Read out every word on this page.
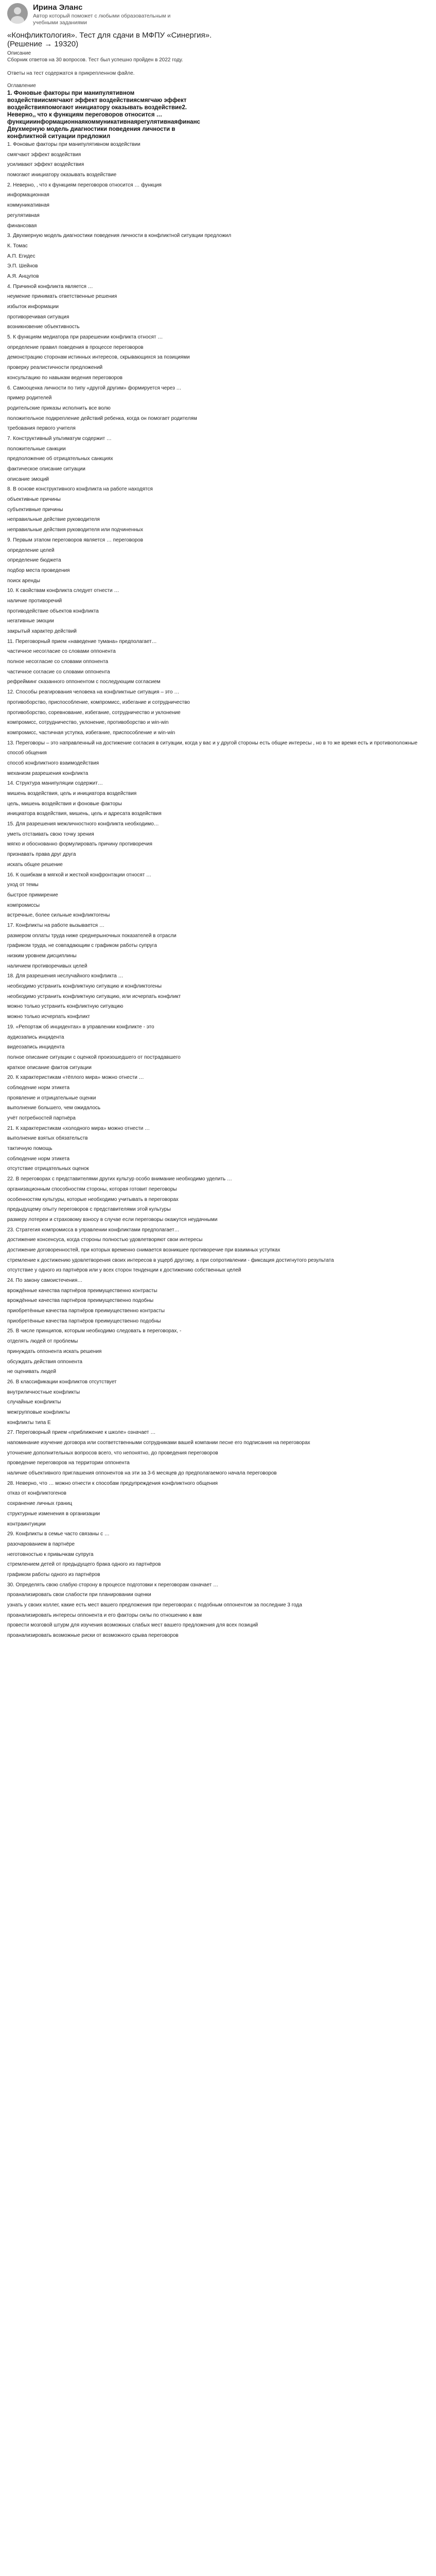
Ирина Эланс
Автор который поможет с любыми образовательным и
учебными заданиями
«Конфликтология». Тест для сдачи в МФПУ «Синергия».
(Решение → 19320)

Описание

Сборник ответов на 30 вопросов. Тест был успешно пройден в 2022 году.

Ответы на тест содержатся в прикрепленном файле.

Оглавление

1. Фоновые факторы при манипулятивном

воздействиисмягчают эффект воздействиясмягчаю эффект

воздействияпомогают инициатору оказывать воздействие2.

Неверно,, что к функциям переговоров относится …

функцииинформационнаякоммуникативнаярегулятивнаяфинанс

Двухмерную модель диагностики поведения личности в

конфликтной ситуации предложил

1. Фоновые факторы при манипулятивном воздействии

смягчают эффект воздействия

усиливают эффект воздействия

помогают инициатору оказывать воздействие

2. Неверно, , что к функциям переговоров относится … функция

информационная

коммуникативная

регулятивная

финансовая

3. Двухмерную модель диагностики поведения личности в конфликтной ситуации предложил

К. Томас

А.П. Егидес

Э.П. Шейнов

А.Я. Анцупов

4. Причиной конфликта является …

неумение принимать ответственные решения

избыток информации

противоречивая ситуация

возникновение объективность

5. К функциям медиатора при разрешении конфликта относят …

определение правил поведения в процессе переговоров

демонстрацию сторонам истинных интересов, скрывающихся за позициями

проверку реалистичности предложений

консультацию по навыкам ведения переговоров

6. Самооценка личности по типу «другой другим» формируется через …

пример родителей

родительские приказы исполнить все волю

положительное подкрепление действий ребенка, когда он помогает родителям

требования первого учителя

7. Конструктивный ультиматум содержит …

положительные санкции

предположение об отрицательных санкциях

фактическое описание ситуации

описание эмоций

8. В основе конструктивного конфликта на работе находятся

объективные причины

субъективные причины

неправильные действие руководителя

неправильные действия руководителя или подчиненных

9. Первым этапом переговоров является … переговоров

определение целей

определение бюджета

подбор места проведения

поиск аренды

10. К свойствам конфликта следует отнести …

наличие противоречий

противодействие объектов конфликта

негативные эмоции

закрытый характер действий

11. Переговорный прием «наведение тумана» предполагает…

частичное несогласие со словами оппонента

полное несогласие со словами оппонента

частичное согласие со словами оппонента

рефрейминг сказанного оппонентом с последующим согласием

12. Способы реагирования человека на конфликтные ситуация – это …

противоборство, приспособление, компромисс, избегание и сотрудничество

противоборство, соревнование, избегание, сотрудничество и уклонение

компромисс, сотрудничество, уклонение, противоборство и win-win

компромисс, частичная уступка, избегание, приспособление и win-win

13. Переговоры – это направленный на достижение согласия в ситуации, когда у вас и у другой стороны есть общие интересы , но в то же время есть и противоположные

способ общения

способ конфликтного взаимодействия

механизм разрешения конфликта

14. Структура манипуляции содержит…

мишень воздействия, цель и инициатора воздействия

цель, мишень воздействия и фоновые факторы

инициатора воздействия, мишень, цель и адресата воздействия

15. Для разрешения межличностного конфликта необходимо…

уметь отстаивать свою точку зрения

мягко и обоснованно формулировать причину противоречия

признавать права друг друга

искать общее решение

16. К ошибкам в мягкой и жесткой конфронтации относят …

уход от темы

быстрое примирение

компромиссы

встречные, более сильные конфликтогены

17. Конфликты на работе вызывается …

размером оплаты труда ниже среднерыночных показателей в отрасли

графиком труда, не совпадающим с графиком работы супруга

низким уровнем дисциплины

наличием противоречивых целей

18. Для разрешения неслучайного конфликта …

необходимо устранить конфликтную ситуацию и конфликтогены

необходимо устранить конфликтную ситуацию, или исчерпать конфликт

можно только устранить конфликтную ситуацию

можно только исчерпать конфликт

19. «Репортаж об инцидентах» в управлении конфликте - это

аудиозапись инцидента

видеозапись инцидента

полное описание ситуации с оценкой произошедшего от пострадавшего

краткое описание фактов ситуации

20. К характеристикам «тёплого мира» можно отнести …

соблюдение норм этикета

проявление и отрицательные оценки

выполнение большего, чем ожидалось

учёт потребностей партнёра

21. К характеристикам «холодного мира» можно отнести …

выполнение взятых обязательств

тактичную помощь

соблюдение норм этикета

отсутствие отрицательных оценок

22. В переговорах с представителями других культур особо внимание необходимо уделить …

организационным способностям стороны, которая готовит переговоры

особенностям культуры, которые необходимо учитывать в переговорах

предыдущему опыту переговоров с представителями этой культуры

размеру лотереи и страховому взносу в случае если переговоры окажутся неудачными

23. Стратегия компромисса в управлении конфликтами предполагает…

достижение консенсуса, когда стороны полностью удовлетворяют свои интересы

достижение договоренностей, при которых временно снимается возникшее противоречие при взаимных уступках

стремление к достижению удовлетворения своих интересов в ущерб другому, а при сопротивлении - фиксация достигнутого результата

отсутствие у одного из партнёров или у всех сторон тенденции к достижению собственных целей

24. По закону самоистечения…

врождённые качества партнёров преимущественно контрасты

врождённые качества партнёров преимущественно подобны

приобретённые качества партнёров преимущественно контрасты

приобретённые качества партнёров преимущественно подобны

25. В числе принципов, которым необходимо следовать в переговорах, -

отделять людей от проблемы

принуждать оппонента искать решения

обсуждать действия оппонента

не оценивать людей

26. В классификации конфликтов отсутствует

внутриличностные конфликты

случайные конфликты

межгрупповые конфликты

конфликты типа Е

27. Переговорный прием «приближение к школе» означает …

напоминание изучение договора или соответственными сотрудниками вашей компании песне его подписания на переговорах

уточнение дополнительных вопросов всего, что непонятно, до проведения переговоров

проведение переговоров на территории оппонента

наличие объективного приглашения оппонентов на эти за 3-6 месяцев до предполагаемого начала переговоров

28. Неверно, что … можно отнести к способам предупреждения конфликтного общения

отказ от конфликтогенов

сохранение личных границ

структурные изменения в организации

контраинтуиции

29. Конфликты в семье часто связаны с …

разочарованием в партнёре

неготовностью к привычкам супруга

стремлением детей от предыдущего брака одного из партнёров

графиком работы одного из партнёров

30. Определять свою слабую сторону в процессе подготовки к переговорам означает …

проанализировать свои слабости при планировании оценки

узнать у своих коллег, какие есть мест вашего предложения при переговорах с подобным оппонентом за последние 3 года

проанализировать интересы оппонента и его факторы силы по отношению к вам

провести мозговой штурм для изучения возможных слабых мест вашего предложения для всех позиций

проанализировать возможные риски от возможного срыва переговоров
